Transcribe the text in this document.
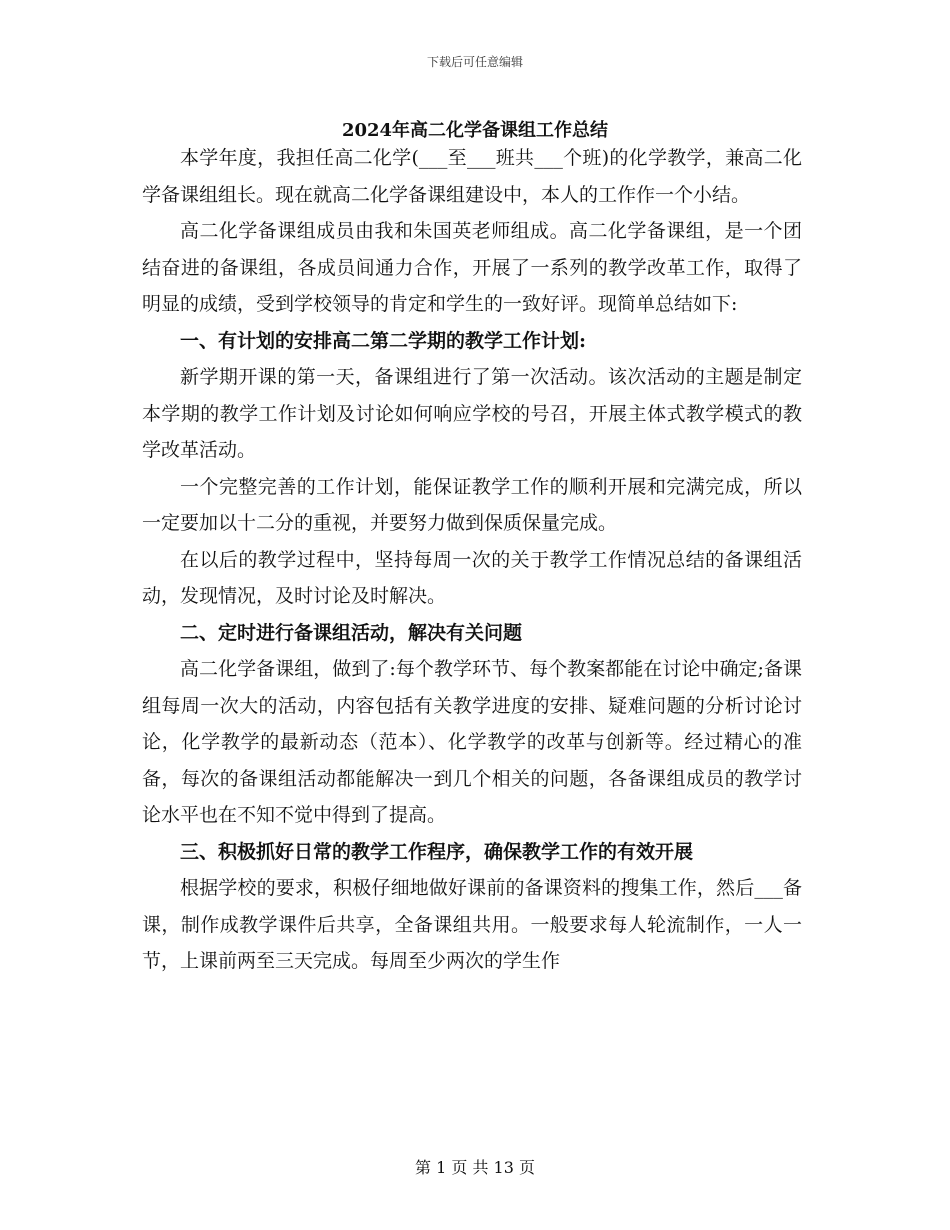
下载后可任意编辑
2024年高二化学备课组工作总结

本学年度，我担任高二化学(___至___班共___个班)的化学教学，兼高二化学备课组组长。现在就高二化学备课组建设中，本人的工作作一个小结。

高二化学备课组成员由我和朱国英老师组成。高二化学备课组，是一个团结奋进的备课组，各成员间通力合作，开展了一系列的教学改革工作，取得了明显的成绩，受到学校领导的肯定和学生的一致好评。现简单总结如下:

一、有计划的安排高二第二学期的教学工作计划:

新学期开课的第一天，备课组进行了第一次活动。该次活动的主题是制定本学期的教学工作计划及讨论如何响应学校的号召，开展主体式教学模式的教学改革活动。

一个完整完善的工作计划，能保证教学工作的顺利开展和完满完成，所以一定要加以十二分的重视，并要努力做到保质保量完成。

在以后的教学过程中，坚持每周一次的关于教学工作情况总结的备课组活动，发现情况，及时讨论及时解决。

二、定时进行备课组活动，解决有关问题

高二化学备课组，做到了:每个教学环节、每个教案都能在讨论中确定;备课组每周一次大的活动，内容包括有关教学进度的安排、疑难问题的分析讨论讨论，化学教学的最新动态（范本）、化学教学的改革与创新等。经过精心的准备，每次的备课组活动都能解决一到几个相关的问题，各备课组成员的教学讨论水平也在不知不觉中得到了提高。

三、积极抓好日常的教学工作程序，确保教学工作的有效开展

根据学校的要求，积极仔细地做好课前的备课资料的搜集工作，然后___备课，制作成教学课件后共享，全备课组共用。一般要求每人轮流制作，一人一节，上课前两至三天完成。每周至少两次的学生作

第 1 页 共 13 页
